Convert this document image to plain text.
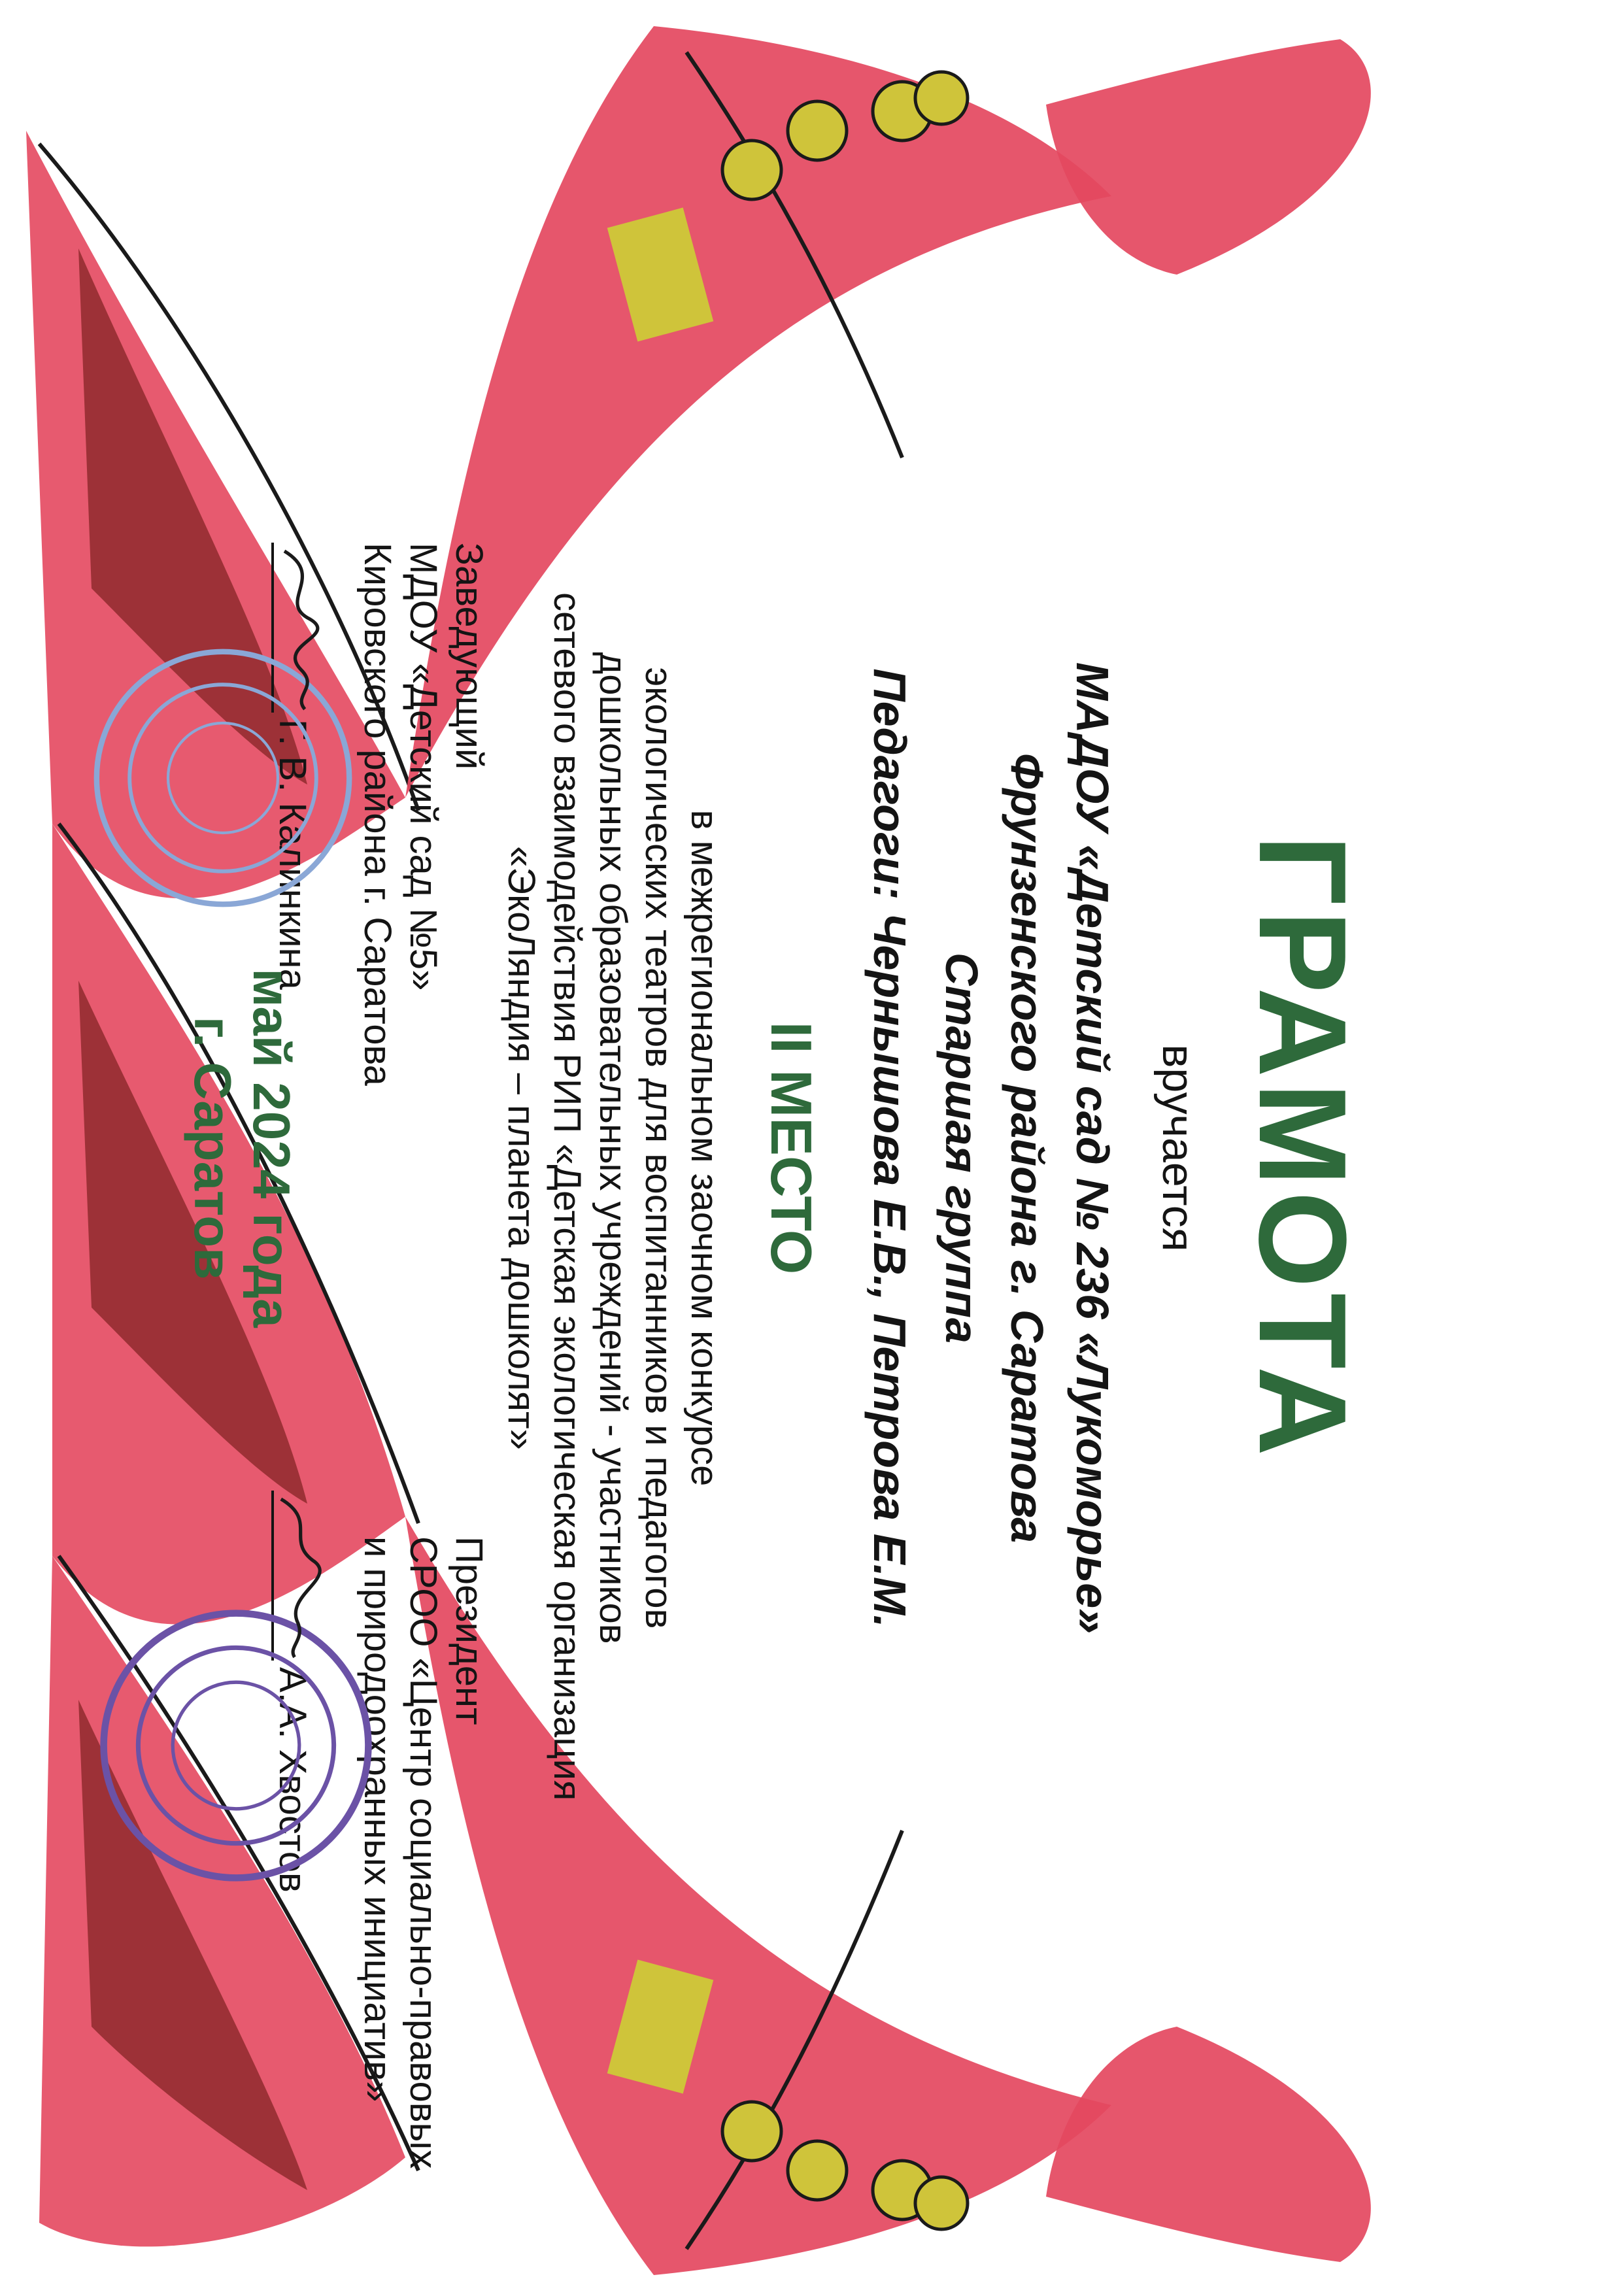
ГРАМОТА
вручается
МАДОУ «Детский сад № 236 «Лукоморье»
Фрунзенского района г. Саратова
Старшая группа
Педагоги: Чернышова Е.В., Петрова Е.М.
II МЕСТО
в межрегиональном заочном конкурсе
экологических театров для воспитанников и педагогов
дошкольных образовательных учреждений - участников
сетевого взаимодействия РИП «Детская экологическая организация
«ЭкоЛяндия – планета дошколят»
Заведующий
МДОУ «Детский сад №5»
Кировского района г. Саратова
Г. В. Калинкина
Президент
СРОО «Центр социально-правовых
и природоохранных инициатив»
А.А. Хвостов
май 2024 года
г. Саратов
